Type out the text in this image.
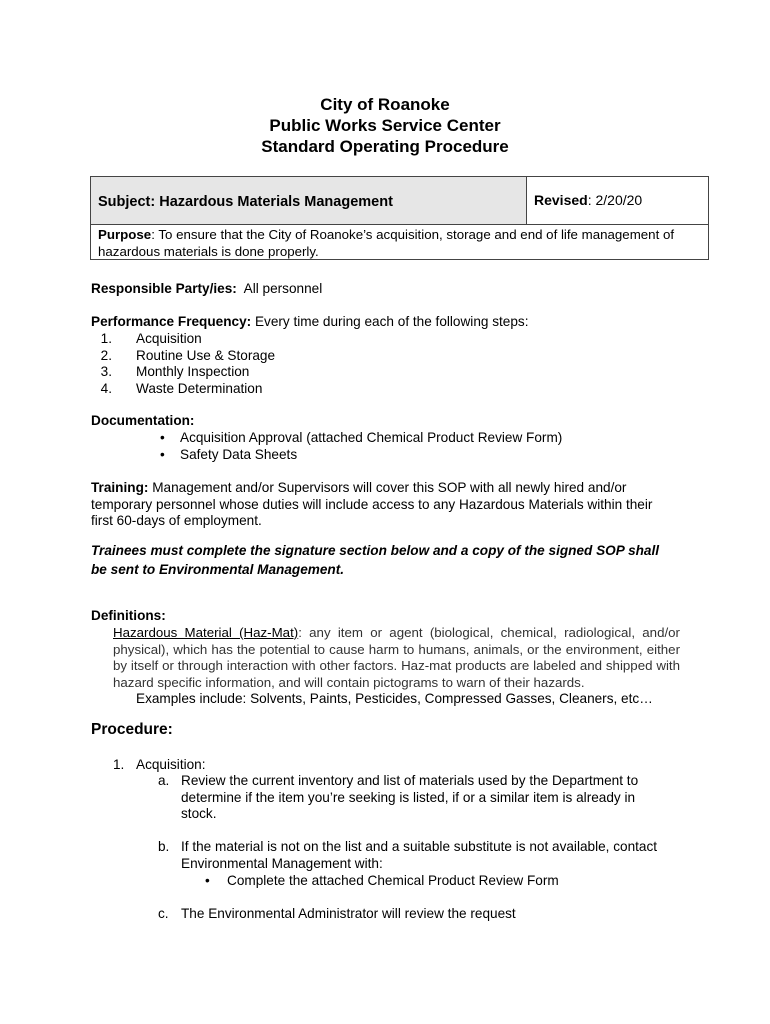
City of Roanoke
Public Works Service Center
Standard Operating Procedure
Subject: Hazardous Materials Management	Revised: 2/20/20
Purpose: To ensure that the City of Roanoke’s acquisition, storage and end of life management of
hazardous materials is done properly.
Responsible Party/ies: All personnel
Performance Frequency: Every time during each of the following steps:
1. Acquisition
2. Routine Use & Storage
3. Monthly Inspection
4. Waste Determination
Documentation:
• Acquisition Approval (attached Chemical Product Review Form)
• Safety Data Sheets
Training: Management and/or Supervisors will cover this SOP with all newly hired and/or
temporary personnel whose duties will include access to any Hazardous Materials within their
first 60-days of employment.
Trainees must complete the signature section below and a copy of the signed SOP shall
be sent to Environmental Management.
Definitions:
Hazardous Material (Haz-Mat): any item or agent (biological, chemical, radiological, and/or physical), which has the potential to cause harm to humans, animals, or the environment, either by itself or through interaction with other factors. Haz-mat products are labeled and shipped with hazard specific information, and will contain pictograms to warn of their hazards.
Examples include: Solvents, Paints, Pesticides, Compressed Gasses, Cleaners, etc…
Procedure:
1. Acquisition:
a. Review the current inventory and list of materials used by the Department to
determine if the item you’re seeking is listed, if or a similar item is already in
stock.
b. If the material is not on the list and a suitable substitute is not available, contact
Environmental Management with:
• Complete the attached Chemical Product Review Form
c. The Environmental Administrator will review the request
